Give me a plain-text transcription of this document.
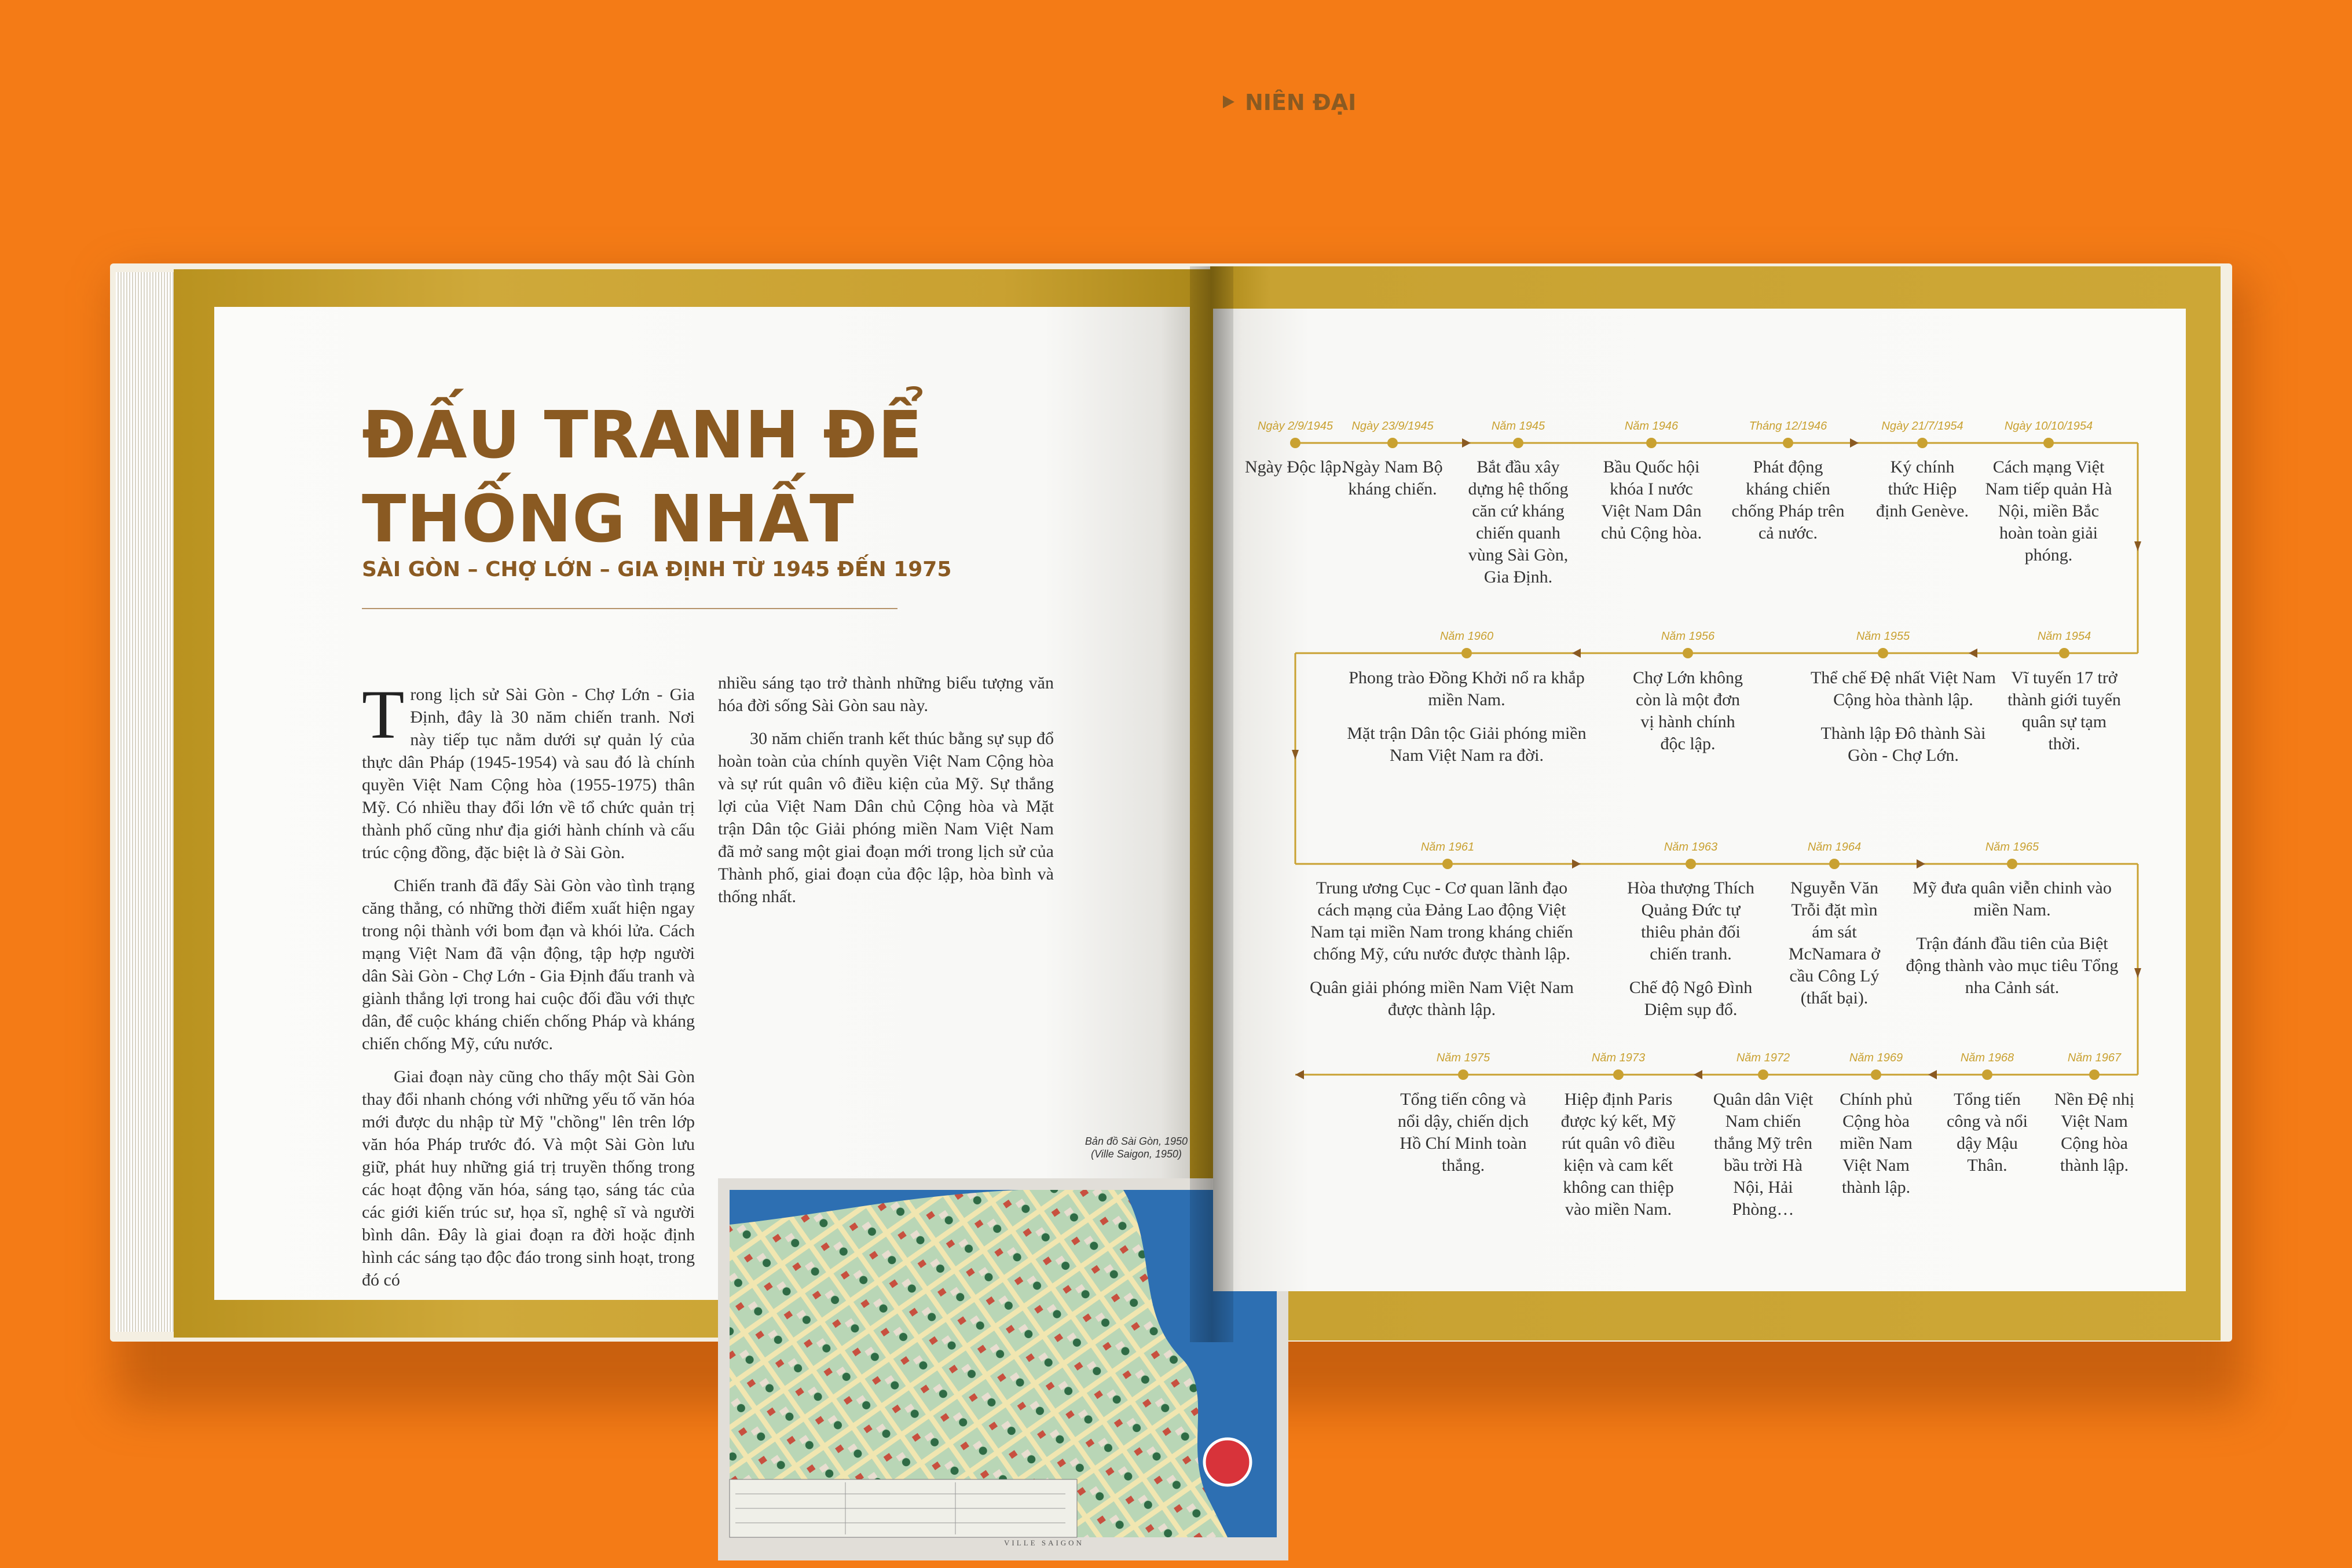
ĐẤU TRANH ĐỂ
THỐNG NHẤT
SÀI GÒN – CHỢ LỚN – GIA ĐỊNH TỪ 1945 ĐẾN 1975

Trong lịch sử Sài Gòn - Chợ Lớn - Gia Định, đây là 30 năm chiến tranh. Nơi này tiếp tục nằm dưới sự quản lý của thực dân Pháp (1945-1954) và sau đó là chính quyền Việt Nam Cộng hòa (1955-1975) thân Mỹ. Có nhiều thay đổi lớn về tổ chức quản trị thành phố cũng như địa giới hành chính và cấu trúc cộng đồng, đặc biệt là ở Sài Gòn.

Chiến tranh đã đẩy Sài Gòn vào tình trạng căng thẳng, có những thời điểm xuất hiện ngay trong nội thành với bom đạn và khói lửa. Cách mạng Việt Nam đã vận động, tập hợp người dân Sài Gòn - Chợ Lớn - Gia Định đấu tranh và giành thắng lợi trong hai cuộc đối đầu với thực dân, để cuộc kháng chiến chống Pháp và kháng chiến chống Mỹ, cứu nước.

Giai đoạn này cũng cho thấy một Sài Gòn thay đổi nhanh chóng với những yếu tố văn hóa mới được du nhập từ Mỹ "chồng" lên trên lớp văn hóa Pháp trước đó. Và một Sài Gòn lưu giữ, phát huy những giá trị truyền thống trong các hoạt động văn hóa, sáng tạo, sáng tác của các giới kiến trúc sư, họa sĩ, nghệ sĩ và người bình dân. Đây là giai đoạn ra đời hoặc định hình các sáng tạo độc đáo trong sinh hoạt, trong đó có

nhiều sáng tạo trở thành những biểu tượng văn hóa đời sống Sài Gòn sau này.

30 năm chiến tranh kết thúc bằng sự sụp đổ hoàn toàn của chính quyền Việt Nam Cộng hòa và sự rút quân vô điều kiện của Mỹ. Sự thắng lợi của Việt Nam Dân chủ Cộng hòa và Mặt trận Dân tộc Giải phóng miền Nam Việt Nam đã mở sang một giai đoạn mới trong lịch sử của Thành phố, giai đoạn của độc lập, hòa bình và thống nhất.

Bản đồ Sài Gòn, 1950
(Ville Saigon, 1950)
VILLE SAIGON
NIÊN ĐẠI
Ngày 2/9/1945
Ngày Độc lập.
Ngày 23/9/1945
Ngày Nam Bộ kháng chiến.
Năm 1945
Bắt đầu xây dựng hệ thống căn cứ kháng chiến quanh vùng Sài Gòn, Gia Định.
Năm 1946
Bầu Quốc hội khóa I nước Việt Nam Dân chủ Cộng hòa.
Tháng 12/1946
Phát động kháng chiến chống Pháp trên cả nước.
Ngày 21/7/1954
Ký chính thức Hiệp định Genève.
Ngày 10/10/1954
Cách mạng Việt Nam tiếp quản Hà Nội, miền Bắc hoàn toàn giải phóng.
Năm 1954
Vĩ tuyến 17 trở thành giới tuyến quân sự tạm thời.
Năm 1955
Thể chế Đệ nhất Việt Nam Cộng hòa thành lập.
Thành lập Đô thành Sài Gòn - Chợ Lớn.
Năm 1956
Chợ Lớn không còn là một đơn vị hành chính độc lập.
Năm 1960
Phong trào Đồng Khởi nổ ra khắp miền Nam.
Mặt trận Dân tộc Giải phóng miền Nam Việt Nam ra đời.
Năm 1961
Trung ương Cục - Cơ quan lãnh đạo cách mạng của Đảng Lao động Việt Nam tại miền Nam trong kháng chiến chống Mỹ, cứu nước được thành lập.
Quân giải phóng miền Nam Việt Nam được thành lập.
Năm 1963
Hòa thượng Thích Quảng Đức tự thiêu phản đối chiến tranh.
Chế độ Ngô Đình Diệm sụp đổ.
Năm 1964
Nguyễn Văn Trỗi đặt mìn ám sát McNamara ở cầu Công Lý (thất bại).
Năm 1965
Mỹ đưa quân viễn chinh vào miền Nam.
Trận đánh đầu tiên của Biệt động thành vào mục tiêu Tổng nha Cảnh sát.
Năm 1967
Nền Đệ nhị Việt Nam Cộng hòa thành lập.
Năm 1968
Tổng tiến công và nổi dậy Mậu Thân.
Năm 1969
Chính phủ Cộng hòa miền Nam Việt Nam thành lập.
Năm 1972
Quân dân Việt Nam chiến thắng Mỹ trên bầu trời Hà Nội, Hải Phòng…
Năm 1973
Hiệp định Paris được ký kết, Mỹ rút quân vô điều kiện và cam kết không can thiệp vào miền Nam.
Năm 1975
Tổng tiến công và nổi dậy, chiến dịch Hồ Chí Minh toàn thắng.
